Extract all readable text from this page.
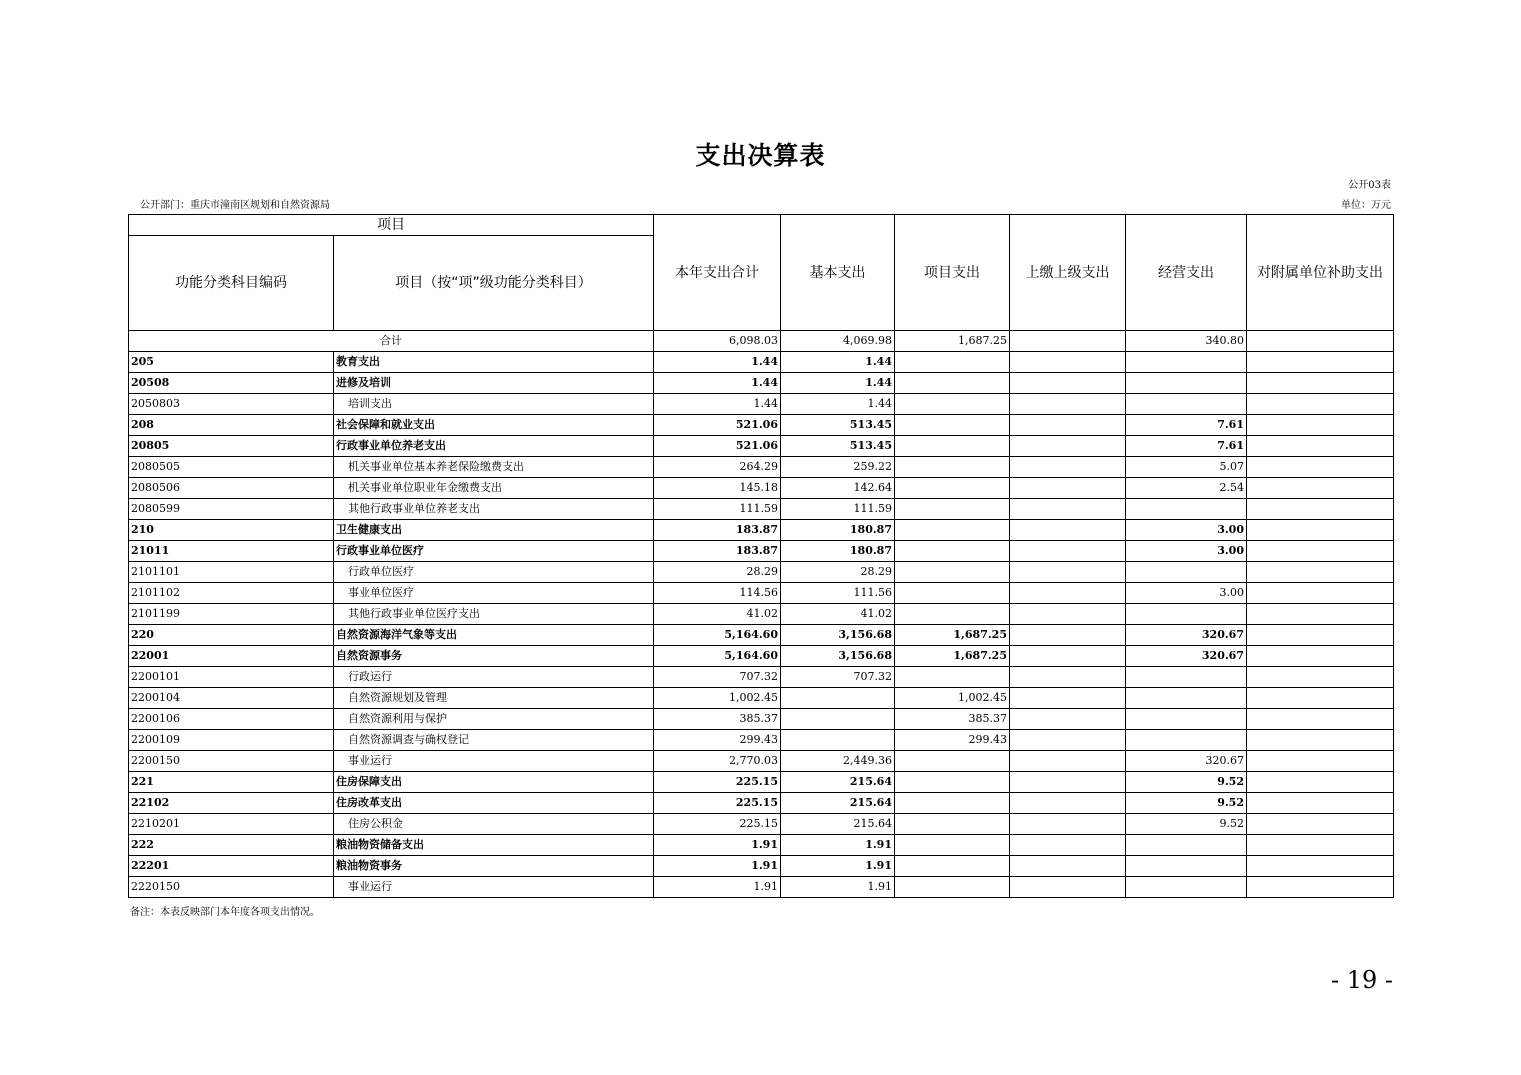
支出决算表
公开03表
公开部门：重庆市潼南区规划和自然资源局	单位：万元
项目		本年支出合计	基本支出	项目支出	上缴上级支出	经营支出	对附属单位补助支出
功能分类科目编码	项目（按“项”级功能分类科目）						
合计		6,098.03	4,069.98	1,687.25		340.80	
205	教育支出	1.44	1.44				
20508	进修及培训	1.44	1.44				
2050803	培训支出	1.44	1.44				
208	社会保障和就业支出	521.06	513.45			7.61	
20805	行政事业单位养老支出	521.06	513.45			7.61	
2080505	机关事业单位基本养老保险缴费支出	264.29	259.22			5.07	
2080506	机关事业单位职业年金缴费支出	145.18	142.64			2.54	
2080599	其他行政事业单位养老支出	111.59	111.59				
210	卫生健康支出	183.87	180.87			3.00	
21011	行政事业单位医疗	183.87	180.87			3.00	
2101101	行政单位医疗	28.29	28.29				
2101102	事业单位医疗	114.56	111.56			3.00	
2101199	其他行政事业单位医疗支出	41.02	41.02				
220	自然资源海洋气象等支出	5,164.60	3,156.68	1,687.25		320.67	
22001	自然资源事务	5,164.60	3,156.68	1,687.25		320.67	
2200101	行政运行	707.32	707.32				
2200104	自然资源规划及管理	1,002.45		1,002.45			
2200106	自然资源利用与保护	385.37		385.37			
2200109	自然资源调查与确权登记	299.43		299.43			
2200150	事业运行	2,770.03	2,449.36			320.67	
221	住房保障支出	225.15	215.64			9.52	
22102	住房改革支出	225.15	215.64			9.52	
2210201	住房公积金	225.15	215.64			9.52	
222	粮油物资储备支出	1.91	1.91				
22201	粮油物资事务	1.91	1.91				
2220150	事业运行	1.91	1.91				
备注：本表反映部门本年度各项支出情况。
- 19 -
